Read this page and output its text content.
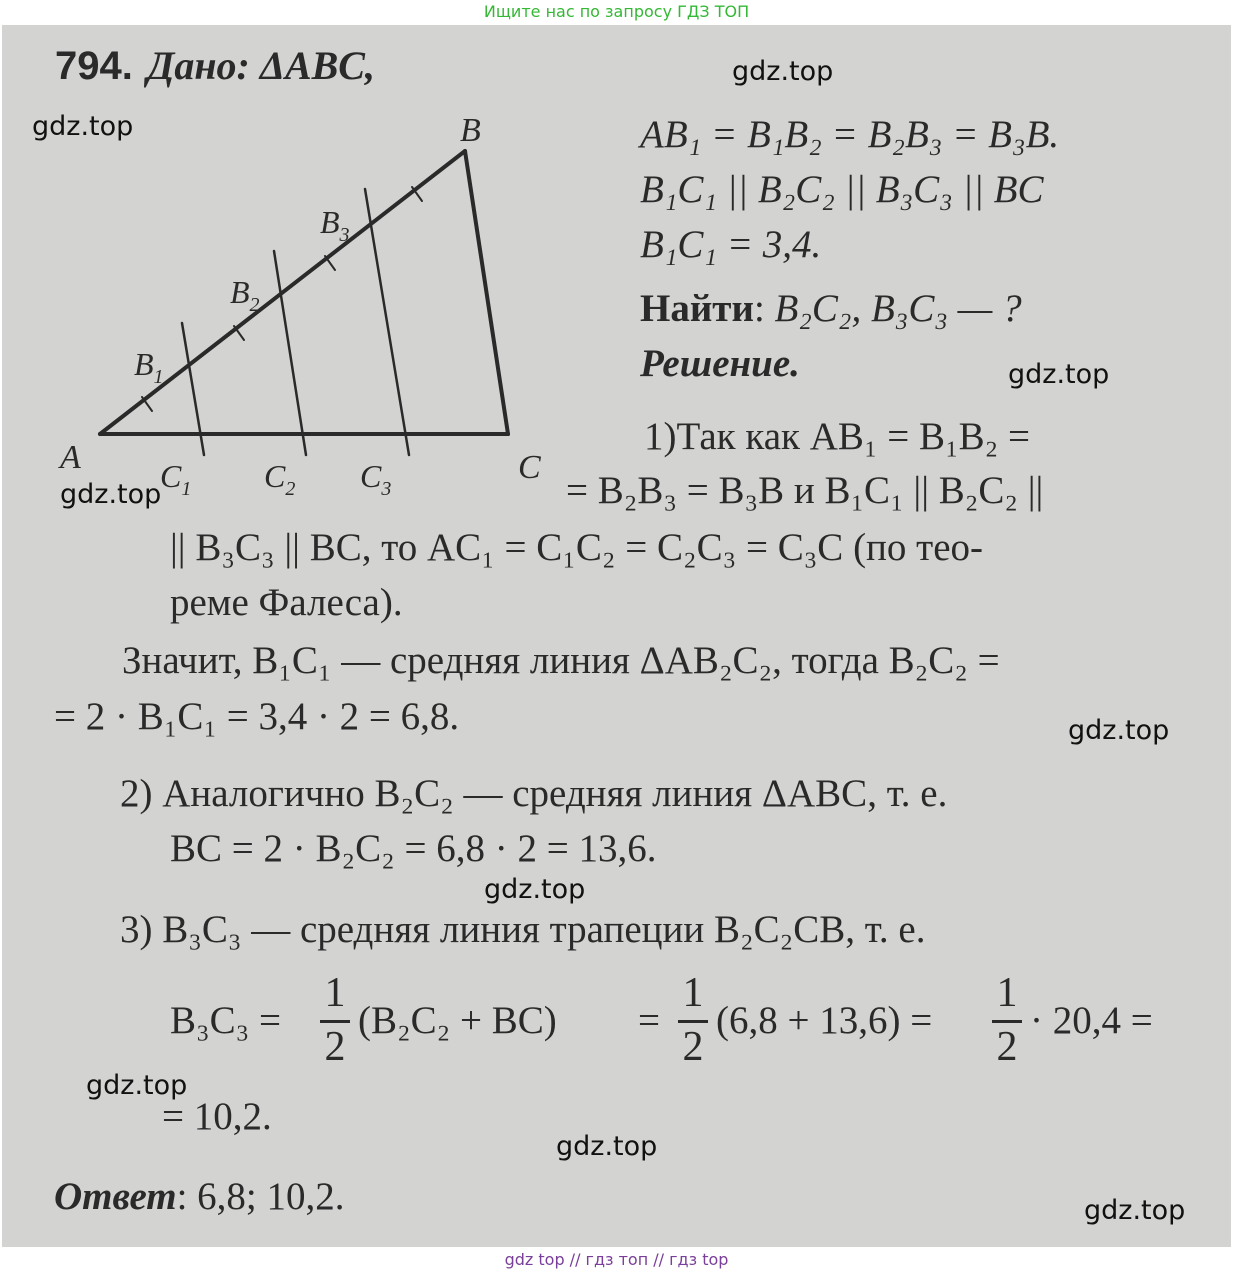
Ищите нас по запросу ГДЗ ТОП
794. Дано: ΔABC,
A
B
C
$B_1$
$B_2$
$B_3$
$C_1$ $C_2$ $C_3$
AB₁ = B₁B₂ = B₂B₃ = B₃B.
B₁C₁ || B₂C₂ || B₃C₃ || BC
B₁C₁ = 3,4.
Найти: B₂C₂, B₃C₃ — ?
Решение.
1)Так как AB₁ = B₁B₂ =
= B₂B₃ = B₃B и B₁C₁ || B₂C₂ ||
|| B₃C₃ || BC, то AC₁ = C₁C₂ = C₂C₃ = C₃C (по тео-
реме Фалеса).
Значит, B₁C₁ — средняя линия ΔAB₂C₂, тогда B₂C₂ =
= 2 · B₁C₁ = 3,4 · 2 = 6,8.
2) Аналогично B₂C₂ — средняя линия ΔABC, т. е.
BC = 2 · B₂C₂ = 6,8 · 2 = 13,6.
3) B₃C₃ — средняя линия трапеции B₂C₂CB, т. е.
B₃C₃ =
1
2
(B₂C₂ + BC) =
1
2
(6,8 + 13,6) =
1
2
· 20,4 =
= 10,2.
Ответ: 6,8; 10,2.
gdz.top
gdz.top
gdz.top
gdz.top
gdz.top
gdz.top
gdz.top
gdz.top
gdz.top
gdz top // гдз топ // гдз top
